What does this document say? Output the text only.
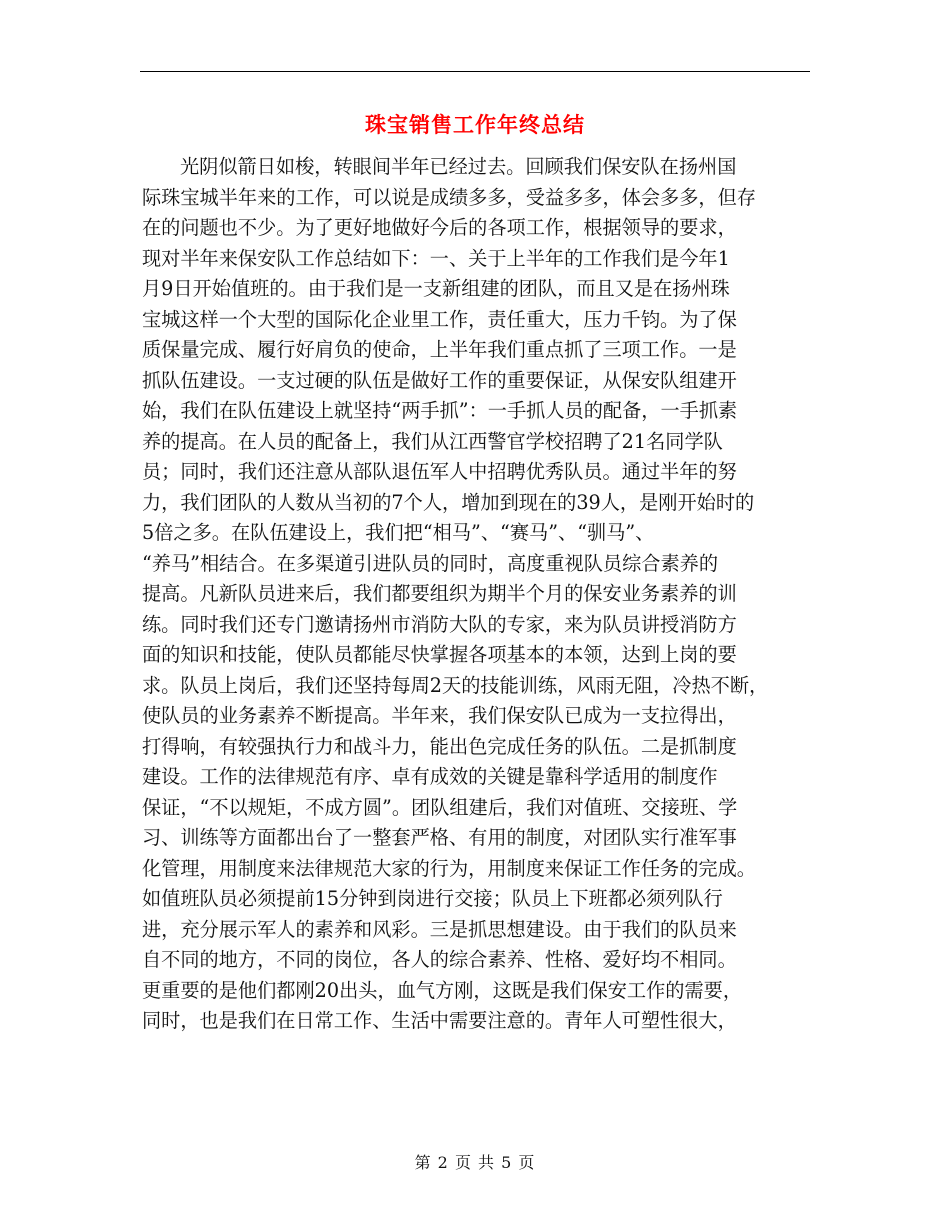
珠宝销售工作年终总结
光阴似箭日如梭，转眼间半年已经过去。回顾我们保安队在扬州国
际珠宝城半年来的工作，可以说是成绩多多，受益多多，体会多多，但存
在的问题也不少。为了更好地做好今后的各项工作，根据领导的要求，
现对半年来保安队工作总结如下：一、关于上半年的工作我们是今年1
月9日开始值班的。由于我们是一支新组建的团队，而且又是在扬州珠
宝城这样一个大型的国际化企业里工作，责任重大，压力千钧。为了保
质保量完成、履行好肩负的使命，上半年我们重点抓了三项工作。一是
抓队伍建设。一支过硬的队伍是做好工作的重要保证，从保安队组建开
始，我们在队伍建设上就坚持“两手抓”：一手抓人员的配备，一手抓素
养的提高。在人员的配备上，我们从江西警官学校招聘了21名同学队
员；同时，我们还注意从部队退伍军人中招聘优秀队员。通过半年的努
力，我们团队的人数从当初的7个人，增加到现在的39人，是刚开始时的
5倍之多。在队伍建设上，我们把“相马”、“赛马”、“驯马”、
“养马”相结合。在多渠道引进队员的同时，高度重视队员综合素养的
提高。凡新队员进来后，我们都要组织为期半个月的保安业务素养的训
练。同时我们还专门邀请扬州市消防大队的专家，来为队员讲授消防方
面的知识和技能，使队员都能尽快掌握各项基本的本领，达到上岗的要
求。队员上岗后，我们还坚持每周2天的技能训练，风雨无阻，冷热不断，
使队员的业务素养不断提高。半年来，我们保安队已成为一支拉得出，
打得响，有较强执行力和战斗力，能出色完成任务的队伍。二是抓制度
建设。工作的法律规范有序、卓有成效的关键是靠科学适用的制度作
保证，“不以规矩，不成方圆”。团队组建后，我们对值班、交接班、学
习、训练等方面都出台了一整套严格、有用的制度，对团队实行准军事
化管理，用制度来法律规范大家的行为，用制度来保证工作任务的完成。
如值班队员必须提前15分钟到岗进行交接；队员上下班都必须列队行
进，充分展示军人的素养和风彩。三是抓思想建设。由于我们的队员来
自不同的地方，不同的岗位，各人的综合素养、性格、爱好均不相同。
更重要的是他们都刚20出头，血气方刚，这既是我们保安工作的需要，
同时，也是我们在日常工作、生活中需要注意的。青年人可塑性很大，
第 2 页 共 5 页
